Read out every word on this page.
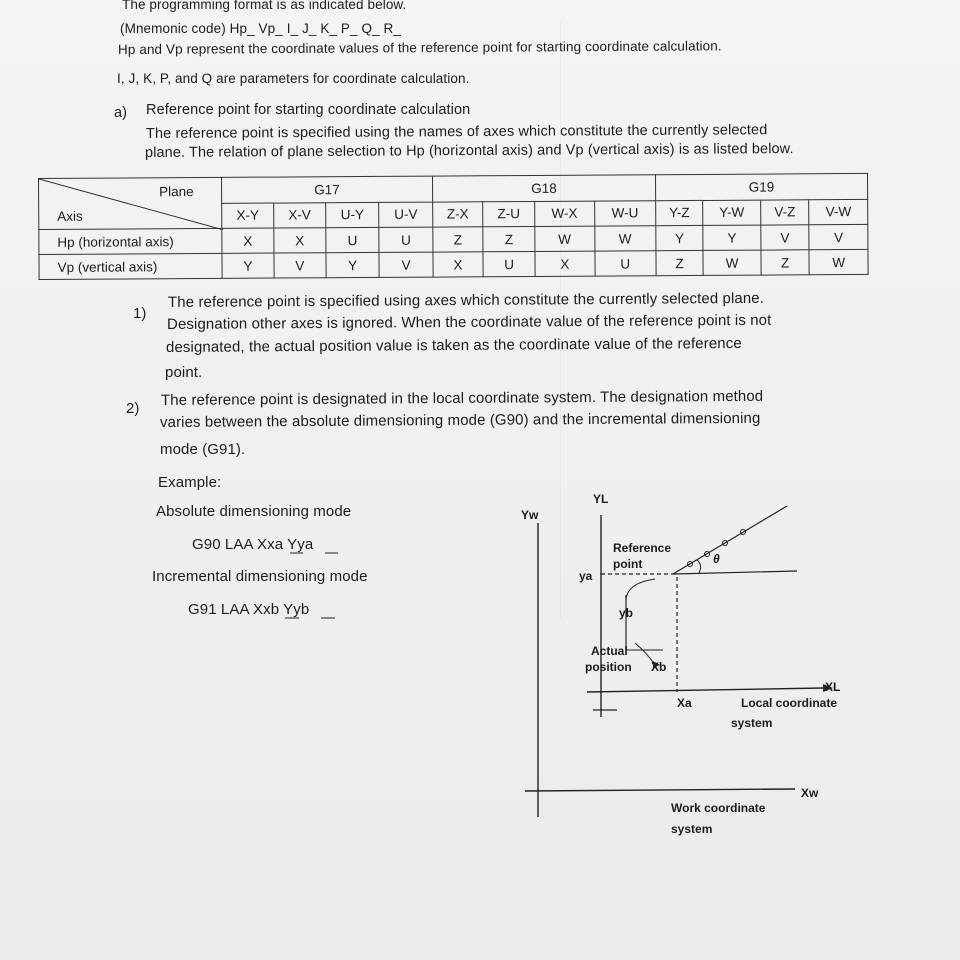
The programming format is as indicated below.
(Mnemonic code) Hp_ Vp_ I_ J_ K_ P_ Q_ R_
Hp and Vp represent the coordinate values of the reference point for starting coordinate calculation.
I, J, K, P, and Q are parameters for coordinate calculation.
a) Reference point for starting coordinate calculation
The reference point is specified using the names of axes which constitute the currently selected
plane. The relation of plane selection to Hp (horizontal axis) and Vp (vertical axis) is as listed below.
Plane
Axis	G17				G18				G19			
	X-Y	X-V	U-Y	U-V	Z-X	Z-U	W-X	W-U	Y-Z	Y-W	V-Z	V-W
Hp (horizontal axis)	X	X	U	U	Z	Z	W	W	Y	Y	V	V
Vp (vertical axis)	Y	V	Y	V	X	U	X	U	Z	W	Z	W
1)
The reference point is specified using axes which constitute the currently selected plane.
Designation other axes is ignored. When the coordinate value of the reference point is not
designated, the actual position value is taken as the coordinate value of the reference
point.
2) The reference point is designated in the local coordinate system. The designation method
varies between the absolute dimensioning mode (G90) and the incremental dimensioning
mode (G91).
Example:
Absolute dimensioning mode
G90 LAA Xxa Yya
Incremental dimensioning mode
G91 LAA Xxb Yyb
Yw
YL
Reference
point	θ
ya
yb
Actual
position Xb
Xa
XL
Local coordinate
system
Xw
Work coordinate
system
